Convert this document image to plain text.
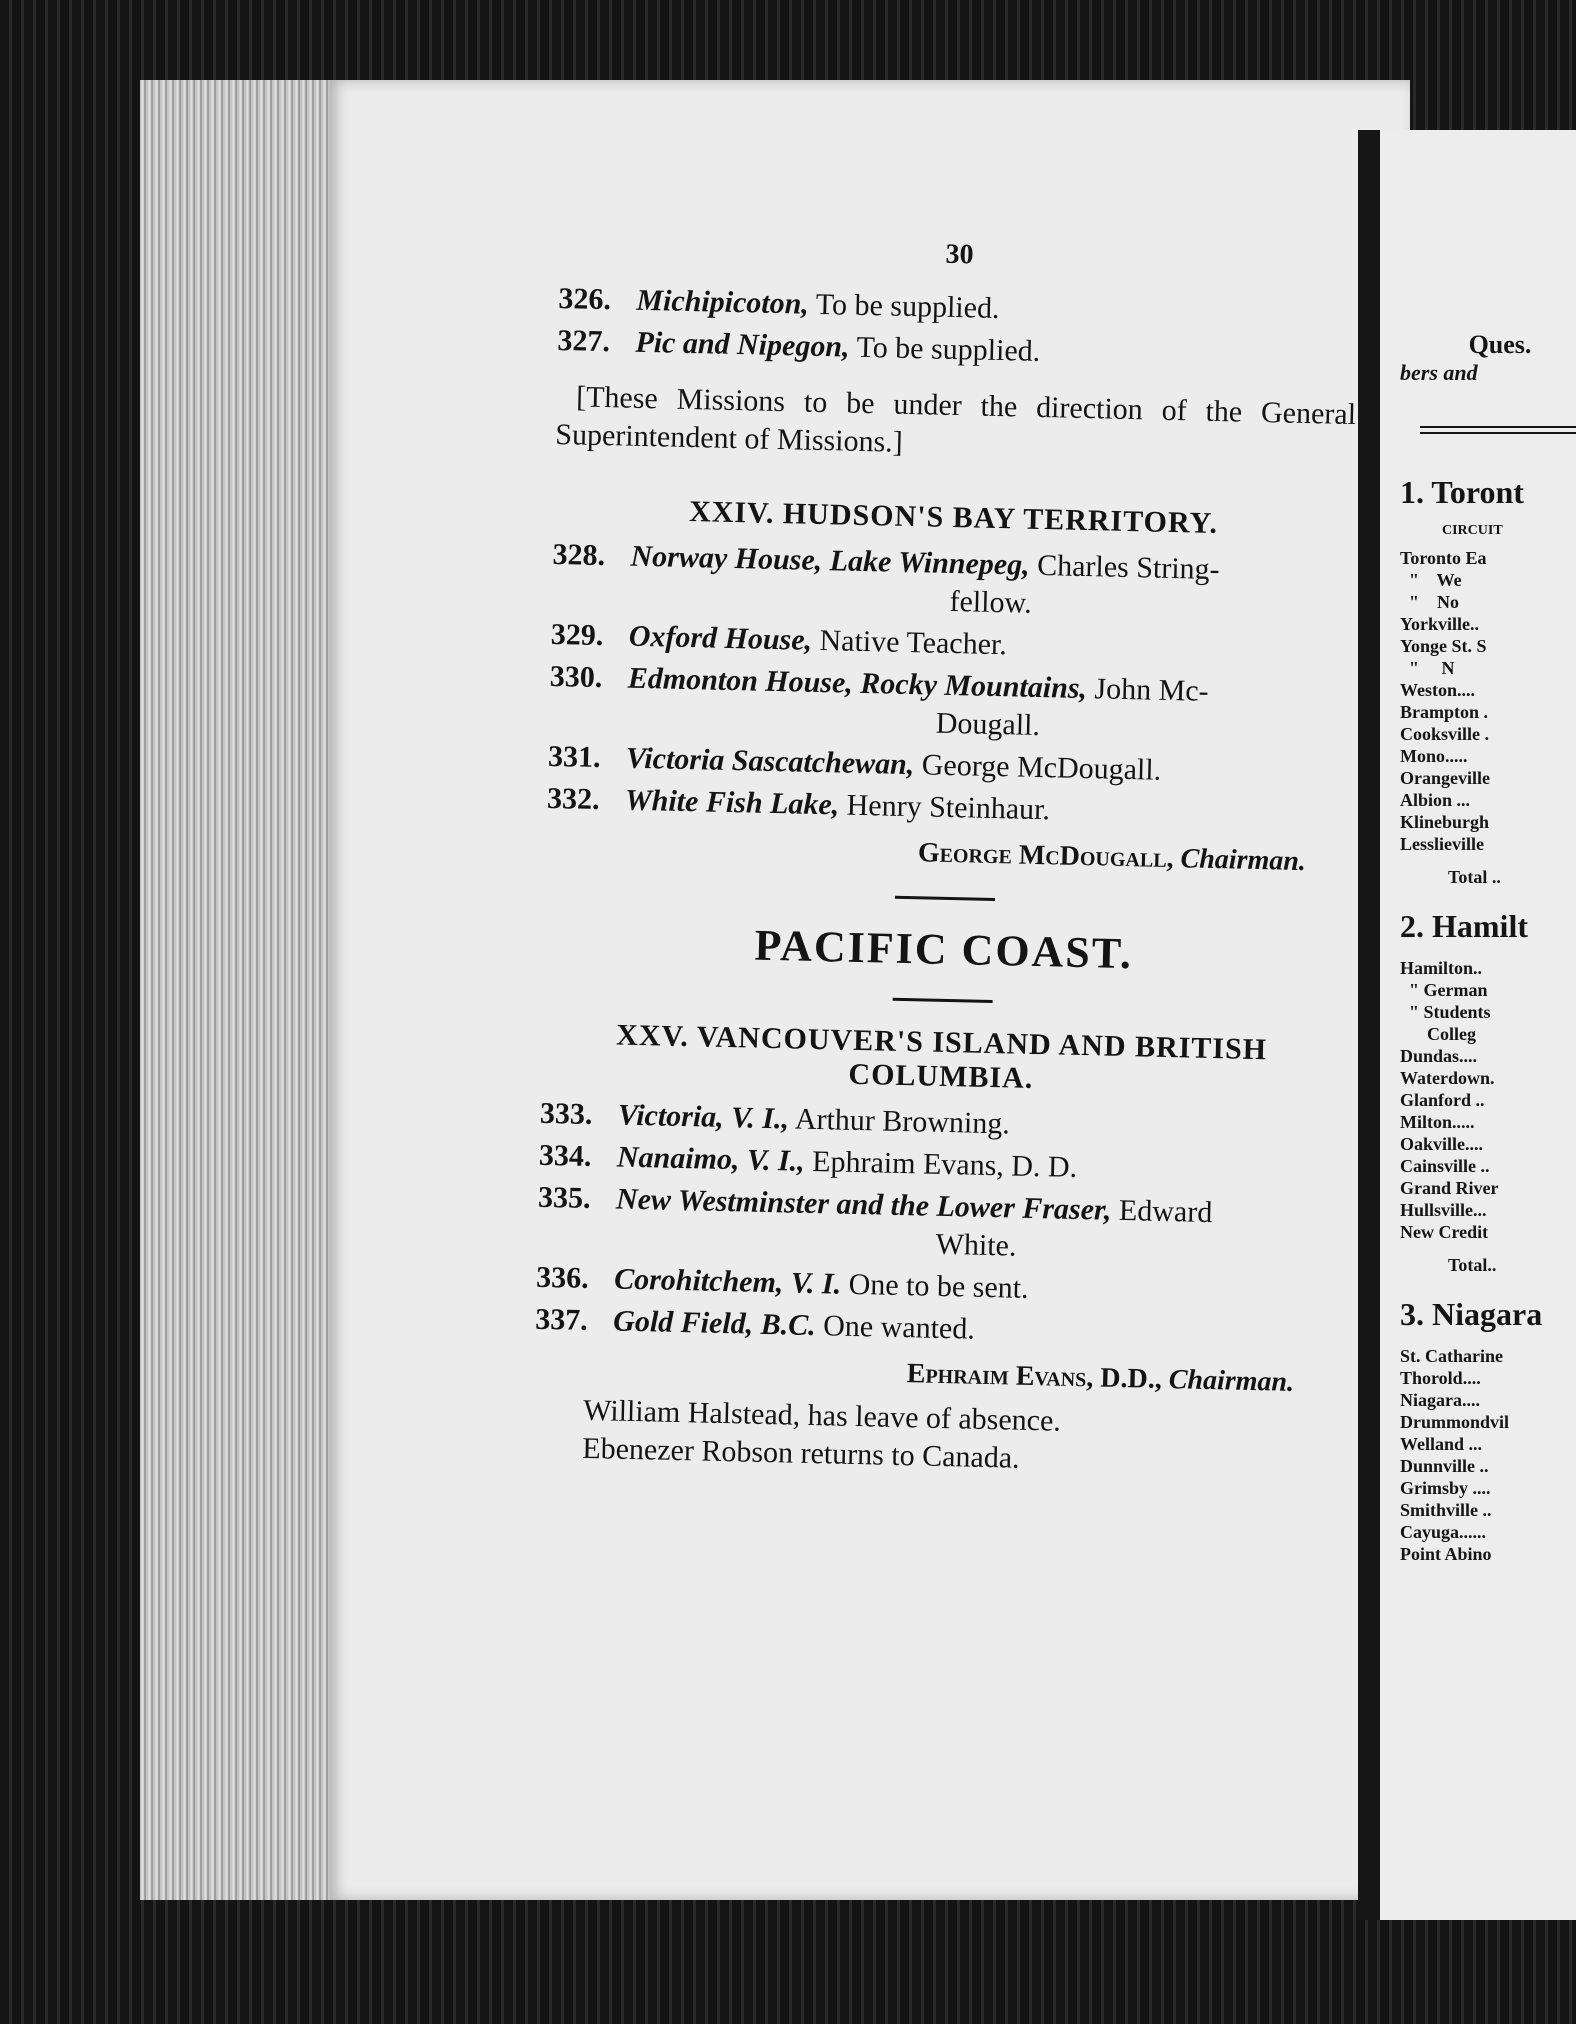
Ques.
bers and
1. Toront
CIRCUIT
Toronto Ea
"    We
"    No
Yorkville..
Yonge St. S
"     N
Weston....
Brampton .
Cooksville .
Mono.....
Orangeville
Albion ...
Klineburgh
Lesslieville
Total ..
2. Hamilt
Hamilton..
" German
" Students
Colleg
Dundas....
Waterdown.
Glanford ..
Milton.....
Oakville....
Cainsville ..
Grand River
Hullsville...
New Credit
Total..
3. Niagara
St. Catharine
Thorold....
Niagara....
Drummondvil
Welland ...
Dunnville ..
Grimsby ....
Smithville ..
Cayuga......
Point Abino
30
326. Michipicoton, To be supplied.
327. Pic and Nipegon, To be supplied.
[These Missions to be under the direction of the General Superintendent of Missions.]
XXIV. HUDSON'S BAY TERRITORY.
328. Norway House, Lake Winnepeg, Charles String-
fellow.
329. Oxford House, Native Teacher.
330. Edmonton House, Rocky Mountains, John Mc-
Dougall.
331. Victoria Sascatchewan, George McDougall.
332. White Fish Lake, Henry Steinhaur.
George McDougall, Chairman.
PACIFIC COAST.
XXV. VANCOUVER'S ISLAND AND BRITISH COLUMBIA.
333. Victoria, V. I., Arthur Browning.
334. Nanaimo, V. I., Ephraim Evans, D. D.
335. New Westminster and the Lower Fraser, Edward
White.
336. Corohitchem, V. I. One to be sent.
337. Gold Field, B.C. One wanted.
Ephraim Evans, D.D., Chairman.
William Halstead, has leave of absence.
Ebenezer Robson returns to Canada.
